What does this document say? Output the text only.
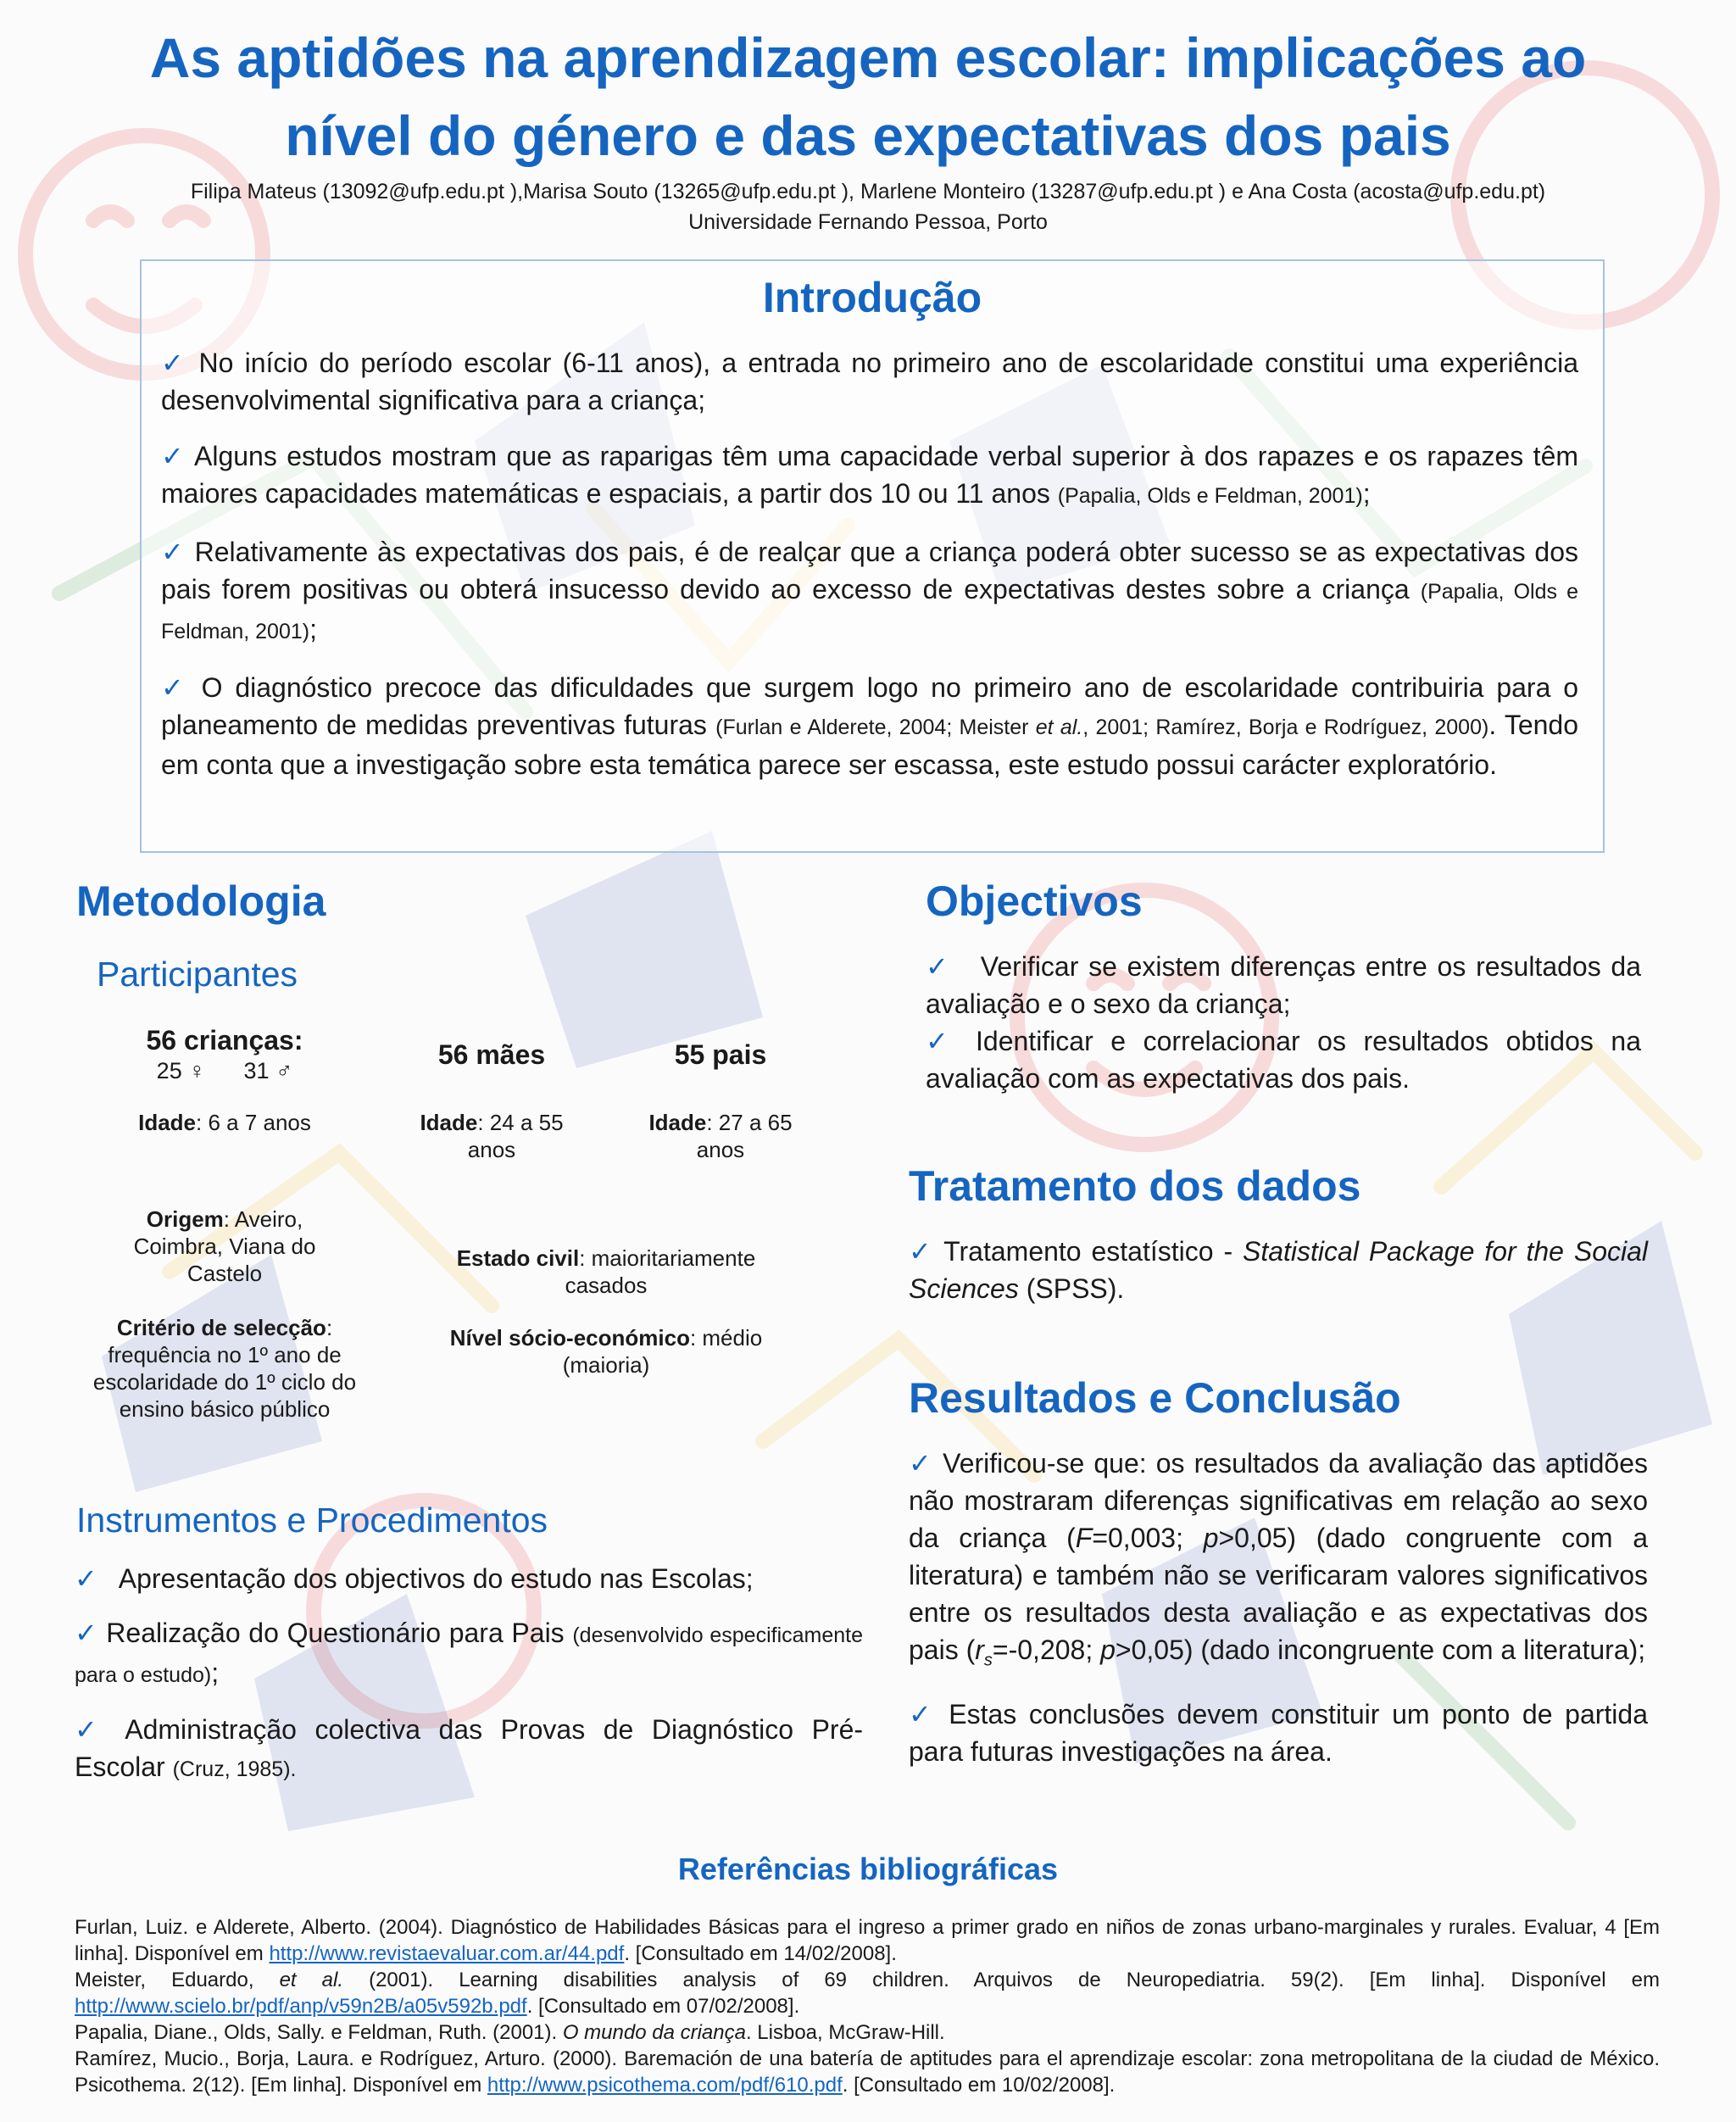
As aptidões na aprendizagem escolar: implicações ao
nível do género e das expectativas dos pais
Filipa Mateus (13092@ufp.edu.pt ),Marisa Souto (13265@ufp.edu.pt ), Marlene Monteiro (13287@ufp.edu.pt ) e Ana Costa (acosta@ufp.edu.pt)
Universidade Fernando Pessoa, Porto
Introdução

✓ No início do período escolar (6-11 anos), a entrada no primeiro ano de escolaridade constitui uma experiência desenvolvimental significativa para a criança;

✓ Alguns estudos mostram que as raparigas têm uma capacidade verbal superior à dos rapazes e os rapazes têm maiores capacidades matemáticas e espaciais, a partir dos 10 ou 11 anos (Papalia, Olds e Feldman, 2001);

✓ Relativamente às expectativas dos pais, é de realçar que a criança poderá obter sucesso se as expectativas dos pais forem positivas ou obterá insucesso devido ao excesso de expectativas destes sobre a criança (Papalia, Olds e Feldman, 2001);

✓ O diagnóstico precoce das dificuldades que surgem logo no primeiro ano de escolaridade contribuiria para o planeamento de medidas preventivas futuras (Furlan e Alderete, 2004; Meister et al., 2001; Ramírez, Borja e Rodríguez, 2000). Tendo em conta que a investigação sobre esta temática parece ser escassa, este estudo possui carácter exploratório.

Metodologia
Participantes
56 crianças:
25 ♀ 31 ♂
Idade: 6 a 7 anos
Origem: Aveiro, Coimbra, Viana do Castelo
Critério de selecção: frequência no 1º ano de escolaridade do 1º ciclo do ensino básico público
56 mães
Idade: 24 a 55 anos
55 pais
Idade: 27 a 65 anos
Estado civil: maioritariamente casados
Nível sócio-económico: médio (maioria)
Instrumentos e Procedimentos

✓ Apresentação dos objectivos do estudo nas Escolas;

✓ Realização do Questionário para Pais (desenvolvido especificamente para o estudo);

✓ Administração colectiva das Provas de Diagnóstico Pré-Escolar (Cruz, 1985).

Objectivos

✓ Verificar se existem diferenças entre os resultados da avaliação e o sexo da criança;

✓ Identificar e correlacionar os resultados obtidos na avaliação com as expectativas dos pais.

Tratamento dos dados

✓ Tratamento estatístico - Statistical Package for the Social Sciences (SPSS).

Resultados e Conclusão

✓ Verificou-se que: os resultados da avaliação das aptidões não mostraram diferenças significativas em relação ao sexo da criança (F=0,003; p>0,05) (dado congruente com a literatura) e também não se verificaram valores significativos entre os resultados desta avaliação e as expectativas dos pais ($r_s=-0,208$; p>0,05) (dado incongruente com a literatura);

✓ Estas conclusões devem constituir um ponto de partida para futuras investigações na área.

Referências bibliográficas

Furlan, Luiz. e Alderete, Alberto. (2004). Diagnóstico de Habilidades Básicas para el ingreso a primer grado en niños de zonas urbano-marginales y rurales. Evaluar, 4 [Em linha]. Disponível em http://www.revistaevaluar.com.ar/44.pdf. [Consultado em 14/02/2008].

Meister, Eduardo, et al. (2001). Learning disabilities analysis of 69 children. Arquivos de Neuropediatria. 59(2). [Em linha]. Disponível em http://www.scielo.br/pdf/anp/v59n2B/a05v592b.pdf. [Consultado em 07/02/2008].

Papalia, Diane., Olds, Sally. e Feldman, Ruth. (2001). O mundo da criança. Lisboa, McGraw-Hill.

Ramírez, Mucio., Borja, Laura. e Rodríguez, Arturo. (2000). Baremación de una batería de aptitudes para el aprendizaje escolar: zona metropolitana de la ciudad de México. Psicothema. 2(12). [Em linha]. Disponível em http://www.psicothema.com/pdf/610.pdf. [Consultado em 10/02/2008].
